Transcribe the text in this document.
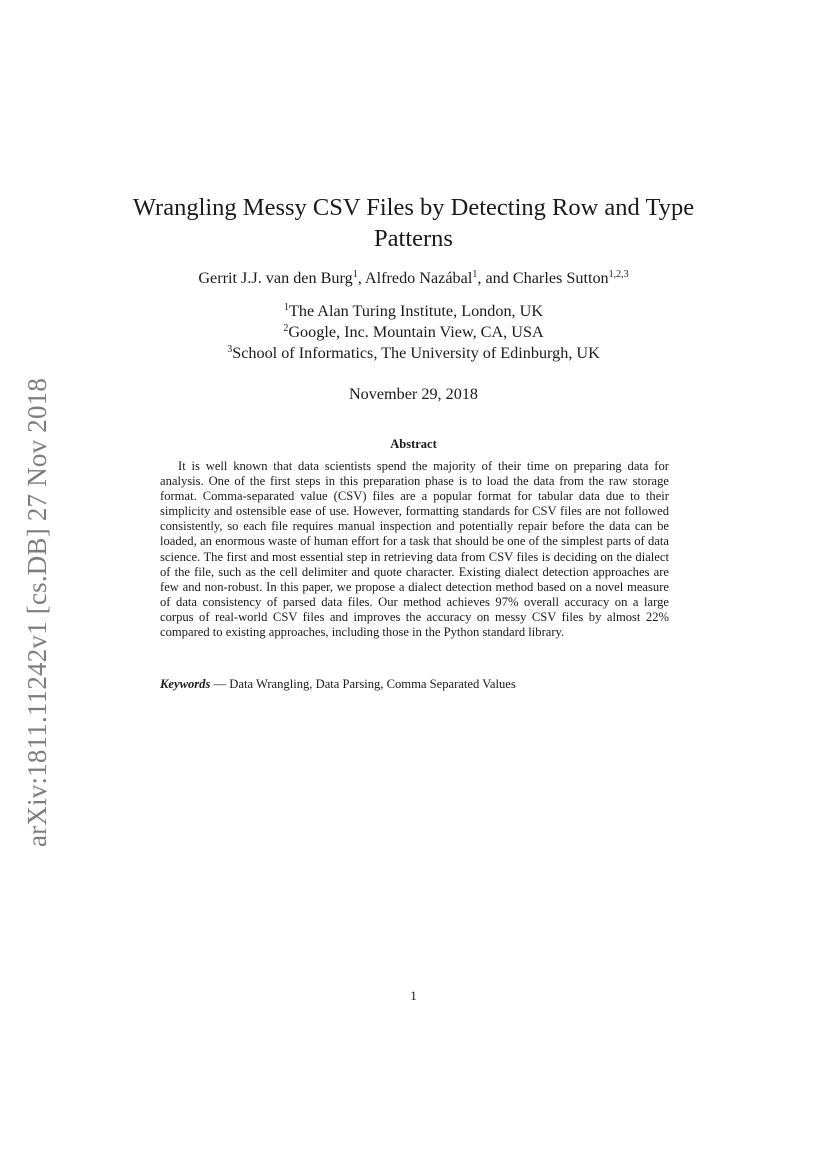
arXiv:1811.11242v1 [cs.DB] 27 Nov 2018
Wrangling Messy CSV Files by Detecting Row and Type Patterns
Gerrit J.J. van den Burg$^1$, Alfredo Nazábal$^1$, and Charles Sutton$^{1,2,3}$
$^1$The Alan Turing Institute, London, UK
$^2$Google, Inc. Mountain View, CA, USA
$^3$School of Informatics, The University of Edinburgh, UK
November 29, 2018
Abstract

It is well known that data scientists spend the majority of their time on preparing data for analysis. One of the first steps in this preparation phase is to load the data from the raw storage format. Comma-separated value (CSV) files are a popular format for tabular data due to their simplicity and ostensible ease of use. However, formatting standards for CSV files are not followed consistently, so each file requires manual inspection and potentially repair before the data can be loaded, an enormous waste of human effort for a task that should be one of the simplest parts of data science. The first and most essential step in retrieving data from CSV files is deciding on the dialect of the file, such as the cell delimiter and quote character. Existing dialect detection approaches are few and non-robust. In this paper, we propose a dialect detection method based on a novel measure of data consistency of parsed data files. Our method achieves 97% overall accuracy on a large corpus of real-world CSV files and improves the accuracy on messy CSV files by almost 22% compared to existing approaches, including those in the Python standard library.

Keywords — Data Wrangling, Data Parsing, Comma Separated Values
1
